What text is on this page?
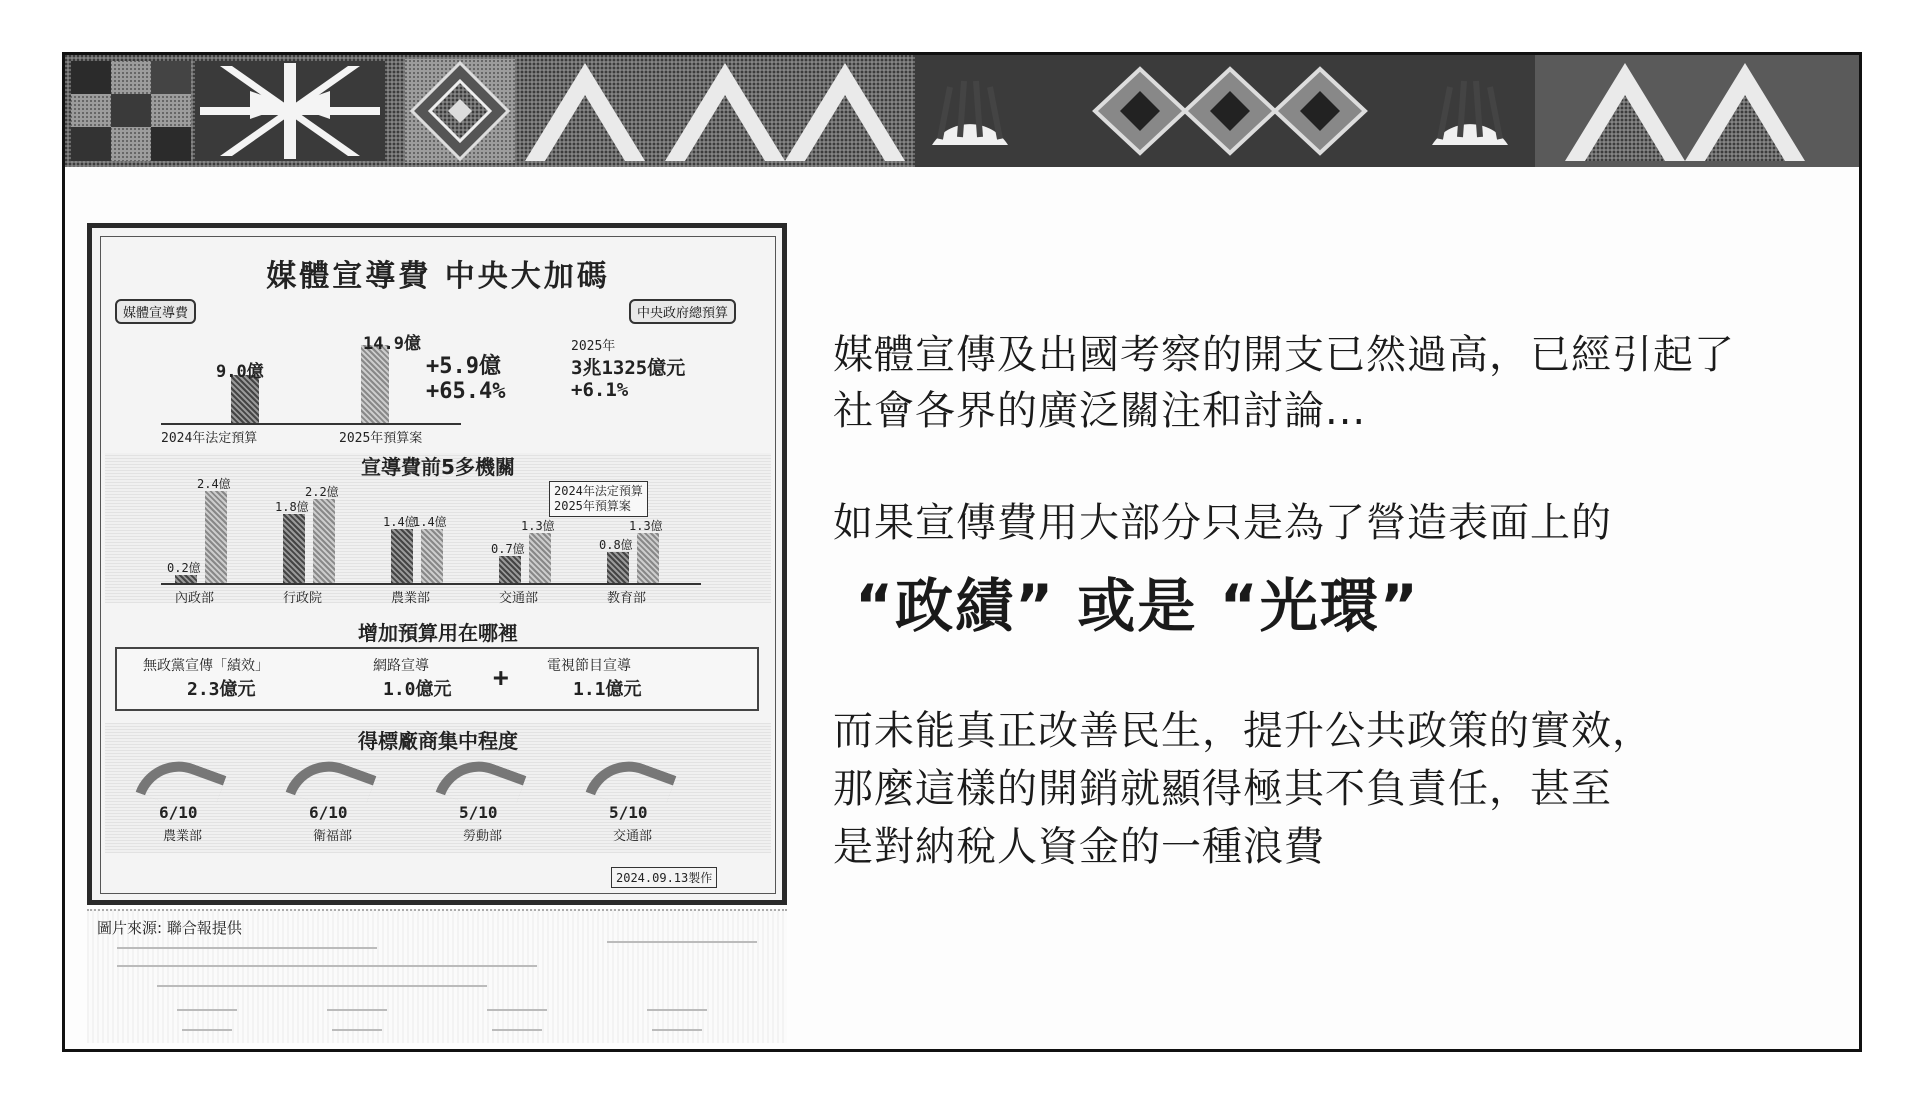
媒體宣導費 中央大加碼
媒體宣導費	中央政府總預算
9.0億
14.9億
+5.9億
+65.4%
2025年
3兆1325億元
+6.1%
2024年法定預算	2025年預算案
宣導費前5多機關
2024年法定預算
2025年預算案
0.2億
2.4億
1.8億
2.2億
1.4億
1.4億
0.7億
1.3億
0.8億
1.3億
內政部	行政院	農業部	交通部	教育部
增加預算用在哪裡
無政黨宣傳「績效」
2.3億元
網路宣導
1.0億元 +	電視節目宣導
1.1億元
得標廠商集中程度
6/10
農業部
6/10
衛福部
5/10
勞動部
5/10
交通部
2024.09.13製作
圖片來源: 聯合報提供
媒體宣傳及出國考察的開支已然過高，已經引起了
社會各界的廣泛關注和討論...
如果宣傳費用大部分只是為了營造表面上的
“政績” 或是 “光環”
而未能真正改善民生，提升公共政策的實效，
那麼這樣的開銷就顯得極其不負責任，甚至
是對納稅人資金的一種浪費
